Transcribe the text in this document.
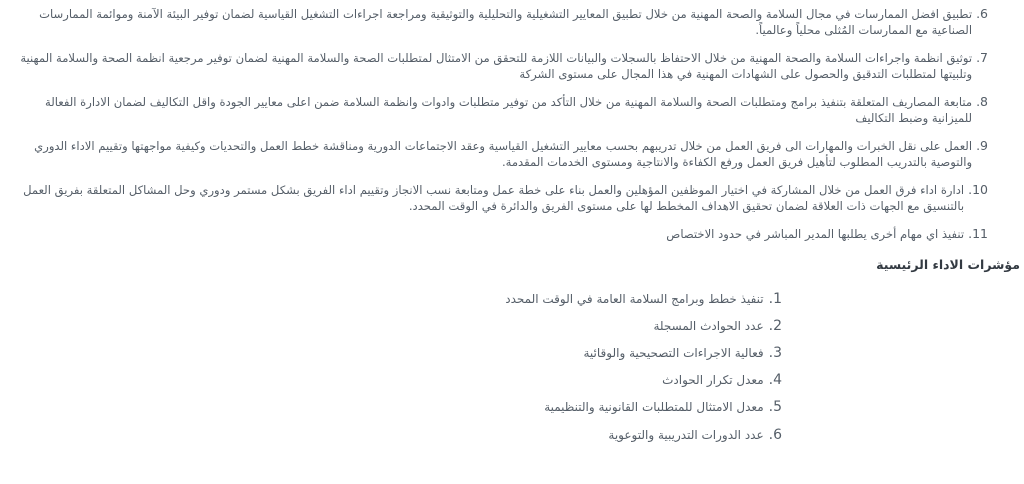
6.
تطبيق افضل الممارسات في مجال السلامة والصحة المهنية من خلال تطبيق المعايير التشغيلية والتحليلية والتوثيقية ومراجعة اجراءات التشغيل القياسية لضمان توفير البيئة الآمنة وموائمة الممارسات الصناعية مع الممارسات المُثلى محلياً وعالمياً.
7.
توثيق انظمة واجراءات السلامة والصحة المهنية من خلال الاحتفاظ بالسجلات والبيانات اللازمة للتحقق من الامتثال لمتطلبات الصحة والسلامة المهنية لضمان توفير مرجعية انظمة الصحة والسلامة المهنية وتلبيتها لمتطلبات التدقيق والحصول على الشهادات المهنية في هذا المجال على مستوى الشركة
8.
متابعة المصاريف المتعلقة بتنفيذ برامج ومتطلبات الصحة والسلامة المهنية من خلال التأكد من توفير متطلبات وادوات وانظمة السلامة ضمن اعلى معايير الجودة واقل التكاليف لضمان الادارة الفعالة للميزانية وضبط التكاليف
9.
العمل على نقل الخبرات والمهارات الى فريق العمل من خلال تدريبهم بحسب معايير التشغيل القياسية وعقد الاجتماعات الدورية ومناقشة خطط العمل والتحديات وكيفية مواجهتها وتقييم الاداء الدوري والتوصية بالتدريب المطلوب لتأهيل فريق العمل ورفع الكفاءة والانتاجية ومستوى الخدمات المقدمة.
10.
ادارة اداء فرق العمل من خلال المشاركة في اختيار الموظفين المؤهلين والعمل بناء على خطة عمل ومتابعة نسب الانجاز وتقييم اداء الفريق بشكل مستمر ودوري وحل المشاكل المتعلقة بفريق العمل بالتنسيق مع الجهات ذات العلاقة لضمان تحقيق الاهداف المخطط لها على مستوى الفريق والدائرة في الوقت المحدد.
11.
تنفيذ اي مهام أخرى يطلبها المدير المباشر في حدود الاختصاص
مؤشرات الاداء الرئيسية
1.
تنفيذ خطط وبرامج السلامة العامة في الوقت المحدد
2.
عدد الحوادث المسجلة
3.
فعالية الاجراءات التصحيحية والوقائية
4.
معدل تكرار الحوادث
5.
معدل الامتثال للمتطلبات القانونية والتنظيمية
6.
عدد الدورات التدريبية والتوعوية
